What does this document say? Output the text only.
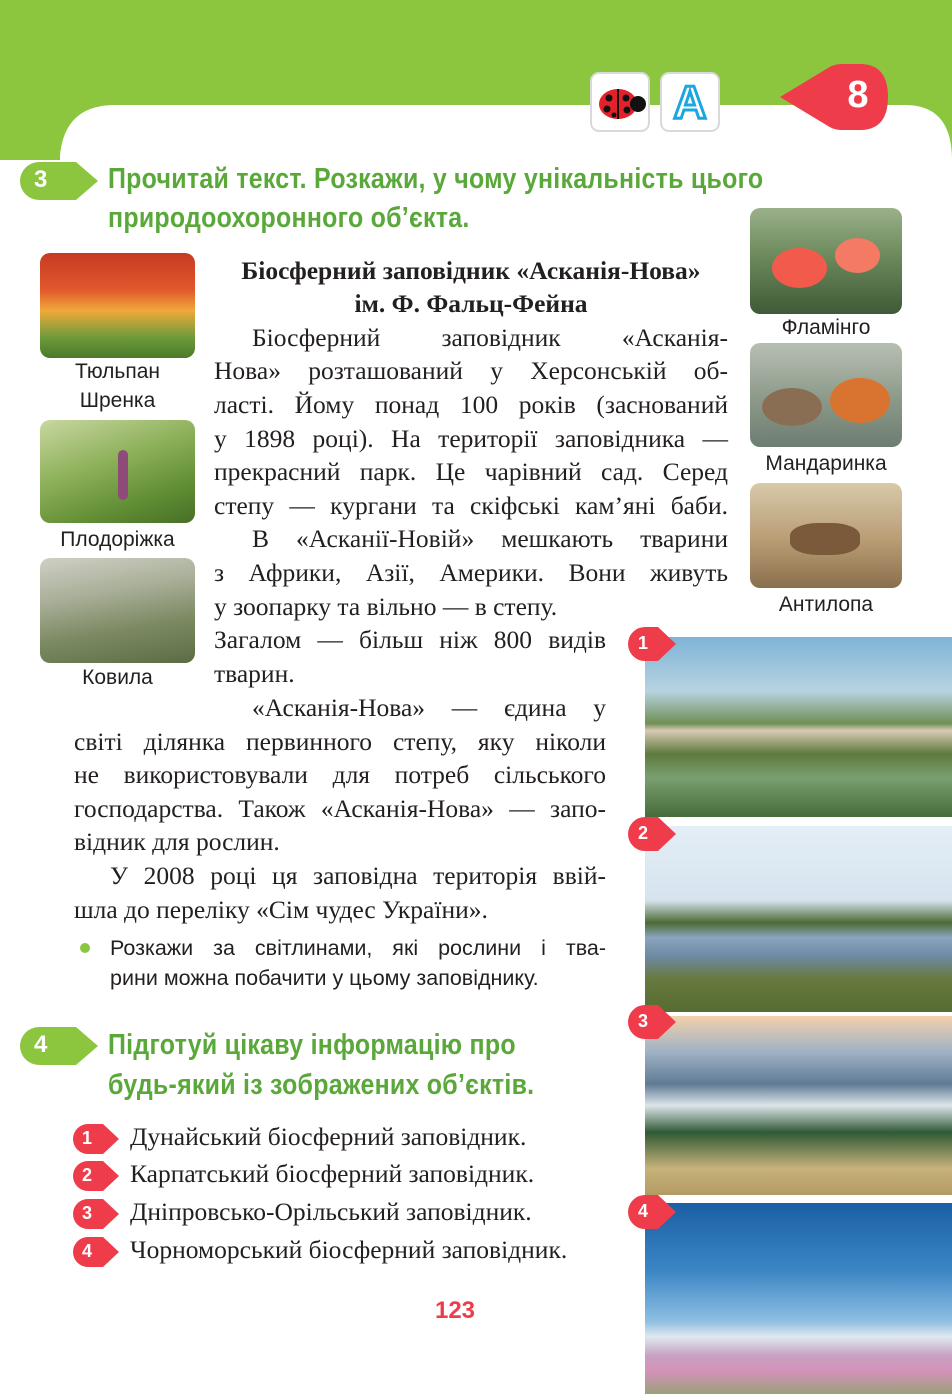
A	8
3 Прочитай текст. Розкажи, у чому унікальність цього
природоохоронного об’єкта.
Тюльпан
Шренка
Плодоріжка
Ковила
Фламінго
Мандаринка
Антилопа
Біосферний заповідник «Асканія-Нова»
ім. Ф. Фальц-Фейна
Біосферний заповідник «Асканія-
Нова» розташований у Херсонській об-
ласті. Йому понад 100 років (заснований
у 1898 році). На території заповідника —
прекрасний парк. Це чарівний сад. Серед
степу — кургани та скіфські кам’яні баби.
В «Асканії-Новій» мешкають тварини
з Африки, Азії, Америки. Вони живуть
у зоопарку та вільно — в степу.
Загалом — більш ніж 800 видів
тварин.
«Асканія-Нова» — єдина у
світі ділянка первинного степу, яку ніколи
не використовували для потреб сільського
господарства. Також «Асканія-Нова» — запо-
відник для рослин.
У 2008 році ця заповідна територія ввій-
шла до переліку «Сім чудес України».
Розкажи за світлинами, які рослини і тва-
рини можна побачити у цьому заповіднику.
1
2
3
4
4 Підготуй цікаву інформацію про
будь-який із зображених об’єктів.
1 Дунайський біосферний заповідник.
2 Карпатський біосферний заповідник.
3 Дніпровсько-Орільський заповідник.
4 Чорноморський біосферний заповідник.
123
